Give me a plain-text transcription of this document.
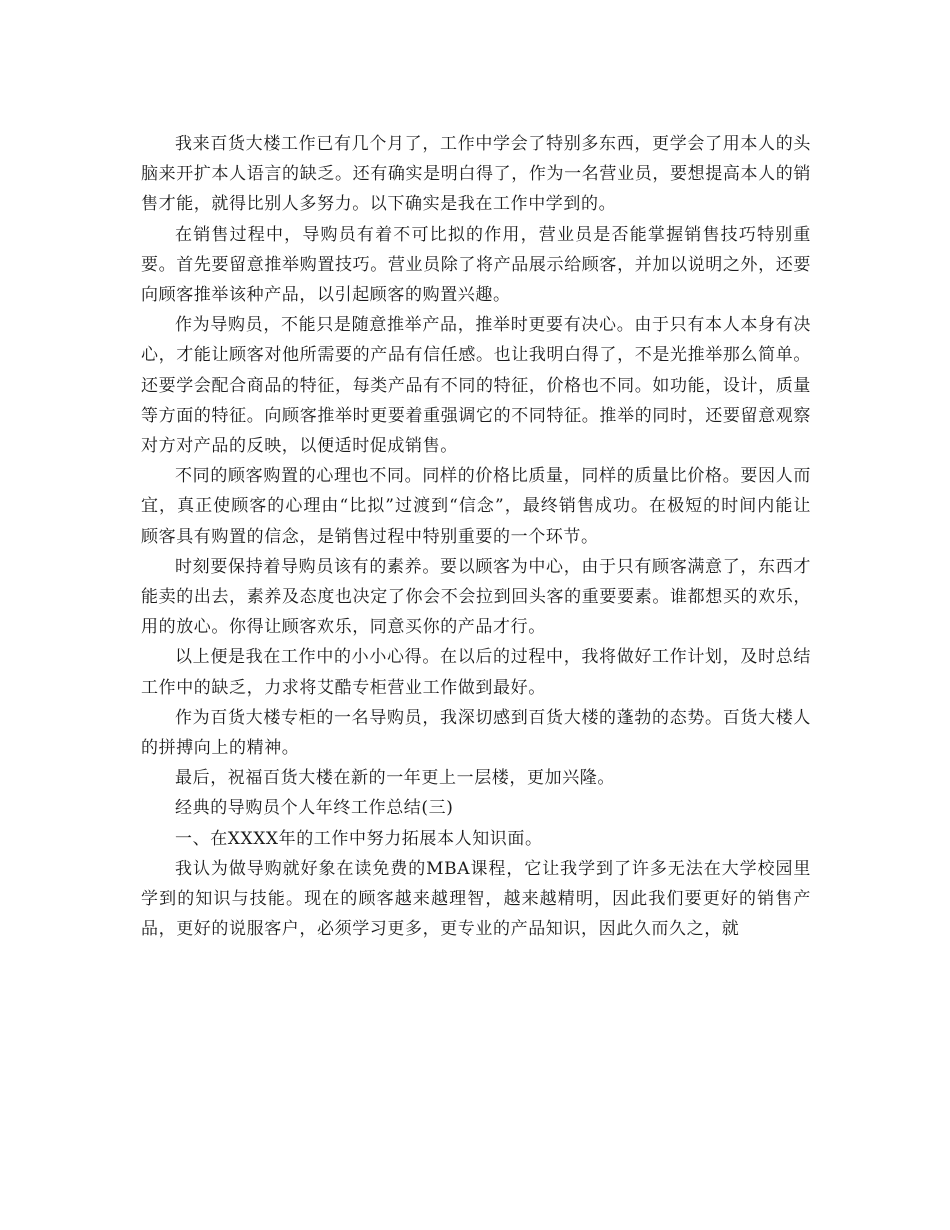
我来百货大楼工作已有几个月了，工作中学会了特别多东西，更学会了用本人的头脑来开扩本人语言的缺乏。还有确实是明白得了，作为一名营业员，要想提高本人的销售才能，就得比别人多努力。以下确实是我在工作中学到的。

在销售过程中，导购员有着不可比拟的作用，营业员是否能掌握销售技巧特别重要。首先要留意推举购置技巧。营业员除了将产品展示给顾客，并加以说明之外，还要向顾客推举该种产品，以引起顾客的购置兴趣。

作为导购员，不能只是随意推举产品，推举时更要有决心。由于只有本人本身有决心，才能让顾客对他所需要的产品有信任感。也让我明白得了，不是光推举那么简单。还要学会配合商品的特征，每类产品有不同的特征，价格也不同。如功能，设计，质量等方面的特征。向顾客推举时更要着重强调它的不同特征。推举的同时，还要留意观察对方对产品的反映，以便适时促成销售。

不同的顾客购置的心理也不同。同样的价格比质量，同样的质量比价格。要因人而宜，真正使顾客的心理由“比拟”过渡到“信念”，最终销售成功。在极短的时间内能让顾客具有购置的信念，是销售过程中特别重要的一个环节。

时刻要保持着导购员该有的素养。要以顾客为中心，由于只有顾客满意了，东西才能卖的出去，素养及态度也决定了你会不会拉到回头客的重要要素。谁都想买的欢乐，用的放心。你得让顾客欢乐，同意买你的产品才行。

以上便是我在工作中的小小心得。在以后的过程中，我将做好工作计划，及时总结工作中的缺乏，力求将艾酷专柜营业工作做到最好。

作为百货大楼专柜的一名导购员，我深切感到百货大楼的蓬勃的态势。百货大楼人的拼搏向上的精神。

最后，祝福百货大楼在新的一年更上一层楼，更加兴隆。

经典的导购员个人年终工作总结(三)

一、在XXXX年的工作中努力拓展本人知识面。

我认为做导购就好象在读免费的MBA课程，它让我学到了许多无法在大学校园里学到的知识与技能。现在的顾客越来越理智，越来越精明，因此我们要更好的销售产品，更好的说服客户，必须学习更多，更专业的产品知识，因此久而久之，就
